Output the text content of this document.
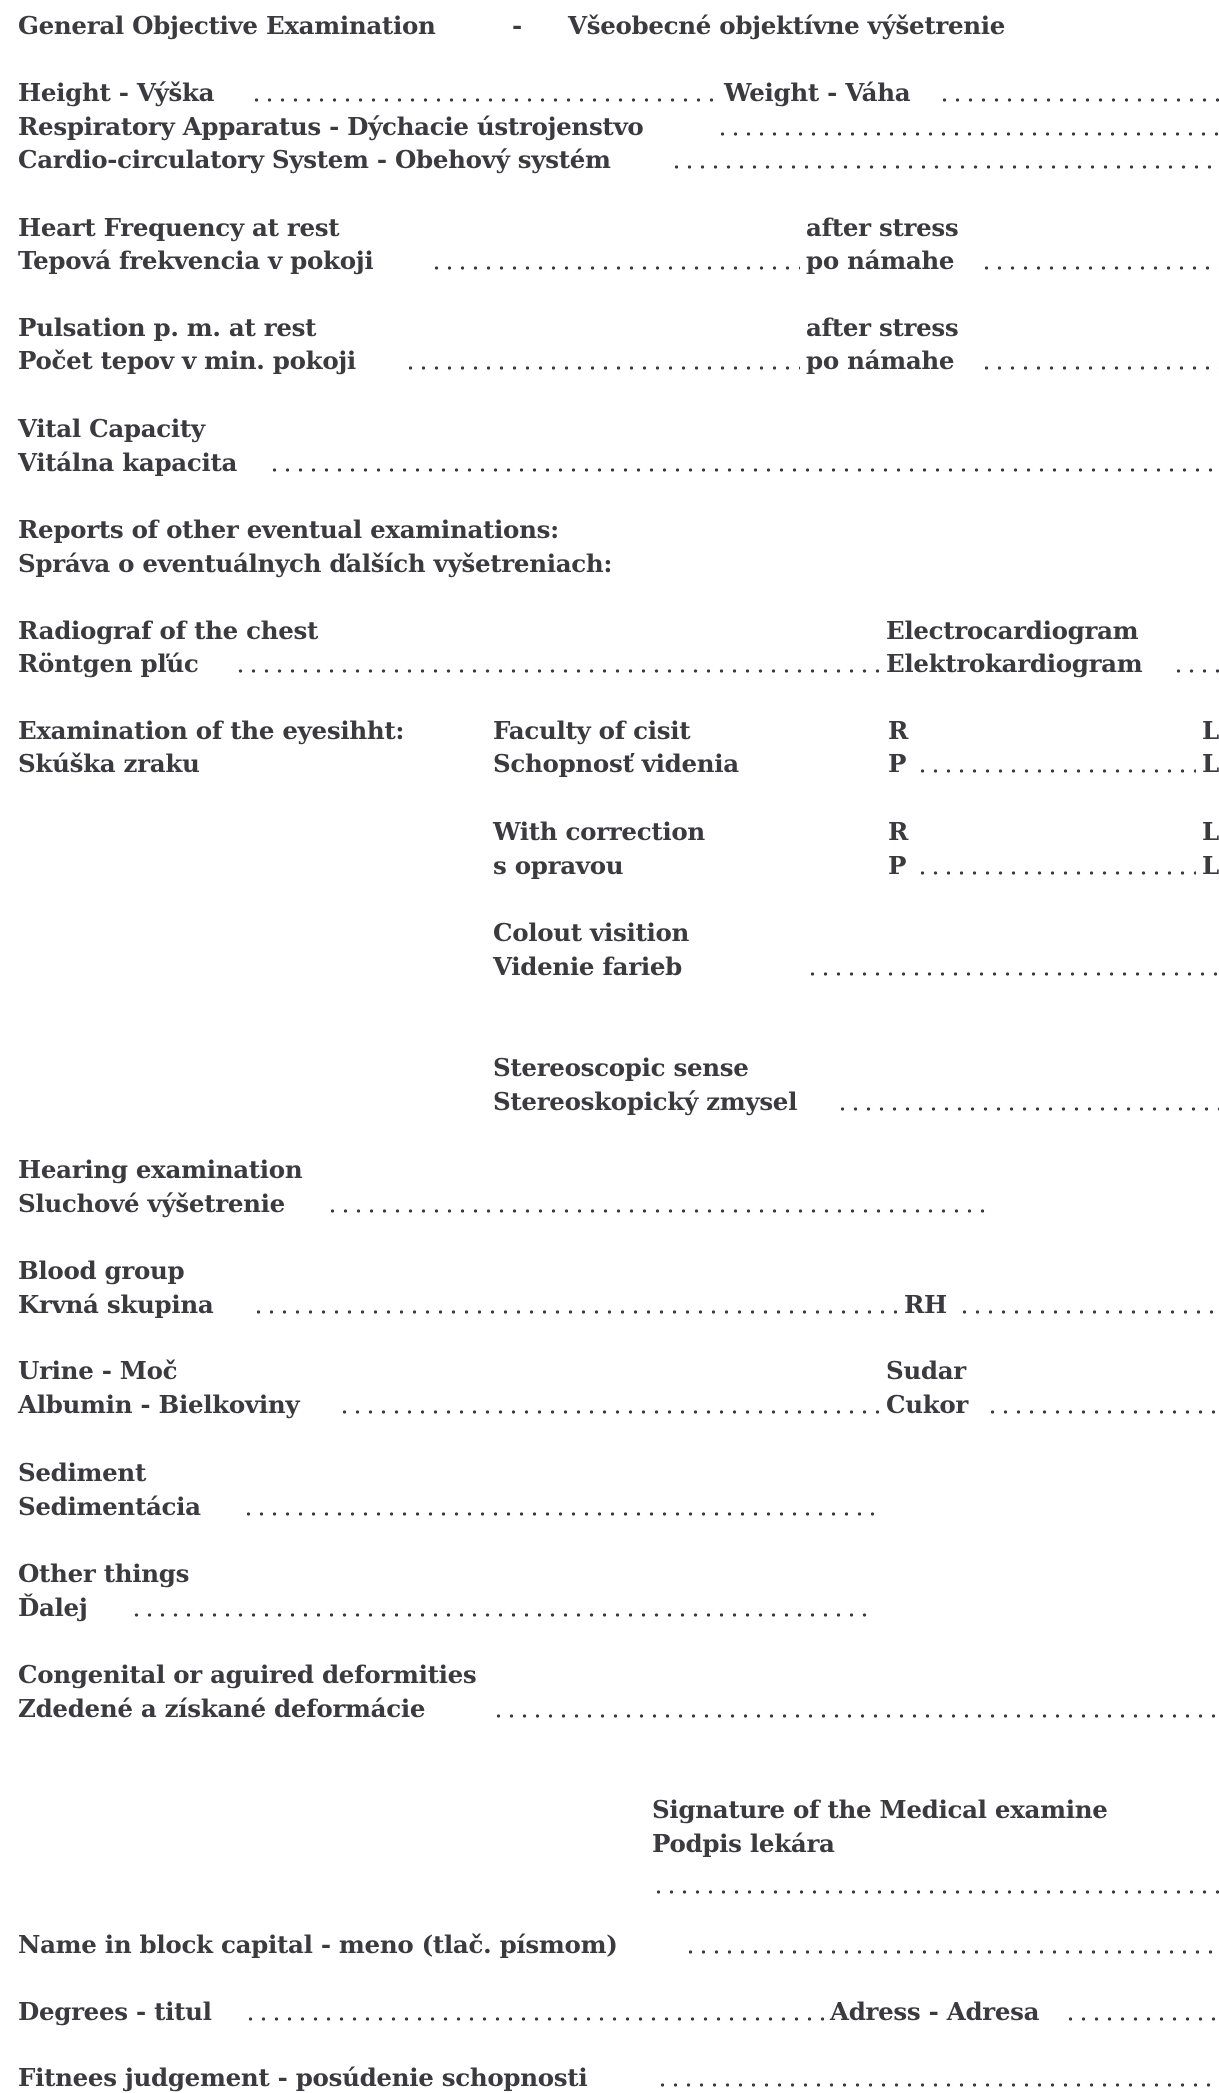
General Objective Examination	- Všeobecné objektívne výšetrenie
Height - Výška	Weight - Váha
Respiratory Apparatus - Dýchacie ústrojenstvo
Cardio-circulatory System - Obehový systém
Heart Frequency at rest	after stress
Tepová frekvencia v pokoji	po námahe
Pulsation p. m. at rest	after stress
Počet tepov v min. pokoji	po námahe
Vital Capacity
Vitálna kapacita
Reports of other eventual examinations:
Správa o eventuálnych ďalších vyšetreniach:
Radiograf of the chest	Electrocardiogram
Röntgen pľúc	Elektrokardiogram
Examination of the eyesihht:
Skúška zraku
Faculty of cisit	R	L
Schopnosť videnia	P	L
With correction	R	L
s opravou	P	L
Colout visition
Videnie farieb
Stereoscopic sense
Stereoskopický zmysel
Hearing examination
Sluchové výšetrenie
Blood group
Krvná skupina	RH
Urine - Moč	Sudar
Albumin - Bielkoviny	Cukor
Sediment
Sedimentácia
Other things
Ďalej
Congenital or aguired deformities
Zdedené a získané deformácie
Signature of the Medical examine
Podpis lekára
Name in block capital - meno (tlač. písmom)
Degrees - titul	Adress - Adresa
Fitnees judgement - posúdenie schopnosti
